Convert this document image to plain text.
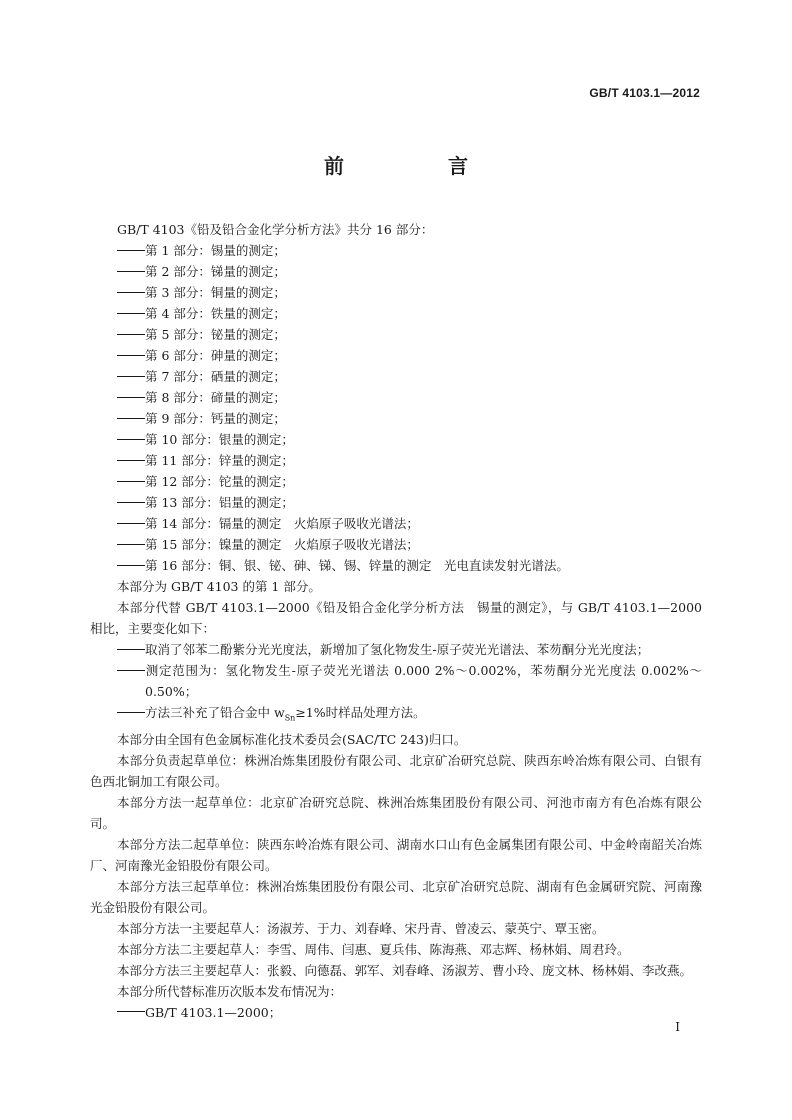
GB/T 4103.1—2012
前　言

GB/T 4103《铅及铅合金化学分析方法》共分 16 部分：

第 1 部分：锡量的测定；

第 2 部分：锑量的测定；

第 3 部分：铜量的测定；

第 4 部分：铁量的测定；

第 5 部分：铋量的测定；

第 6 部分：砷量的测定；

第 7 部分：硒量的测定；

第 8 部分：碲量的测定；

第 9 部分：钙量的测定；

第 10 部分：银量的测定；

第 11 部分：锌量的测定；

第 12 部分：铊量的测定；

第 13 部分：铝量的测定；

第 14 部分：镉量的测定　火焰原子吸收光谱法；

第 15 部分：镍量的测定　火焰原子吸收光谱法；

第 16 部分：铜、银、铋、砷、锑、锡、锌量的测定　光电直读发射光谱法。

本部分为 GB/T 4103 的第 1 部分。

本部分代替 GB/T 4103.1—2000《铅及铅合金化学分析方法　锡量的测定》，与 GB/T 4103.1—2000 相比，主要变化如下：

取消了邻苯二酚紫分光光度法，新增加了氢化物发生-原子荧光光谱法、苯芴酮分光光度法；

测定范围为：氢化物发生-原子荧光光谱法 0.000 2%～0.002%，苯芴酮分光光度法 0.002%～0.50%；

方法三补充了铅合金中 $w_{Sn}\ge 1\%$时样品处理方法。

本部分由全国有色金属标准化技术委员会(SAC/TC 243)归口。

本部分负责起草单位：株洲冶炼集团股份有限公司、北京矿冶研究总院、陕西东岭冶炼有限公司、白银有色西北铜加工有限公司。

本部分方法一起草单位：北京矿冶研究总院、株洲冶炼集团股份有限公司、河池市南方有色冶炼有限公司。

本部分方法二起草单位：陕西东岭冶炼有限公司、湖南水口山有色金属集团有限公司、中金岭南韶关冶炼厂、河南豫光金铅股份有限公司。

本部分方法三起草单位：株洲冶炼集团股份有限公司、北京矿冶研究总院、湖南有色金属研究院、河南豫光金铅股份有限公司。

本部分方法一主要起草人：汤淑芳、于力、刘春峰、宋丹青、曾凌云、蒙英宁、覃玉密。

本部分方法二主要起草人：李雪、周伟、闫惠、夏兵伟、陈海燕、邓志辉、杨林娟、周君玲。

本部分方法三主要起草人：张毅、向德磊、郭军、刘春峰、汤淑芳、曹小玲、庞文林、杨林娟、李改燕。

本部分所代替标准历次版本发布情况为：

GB/T 4103.1—2000；

I
